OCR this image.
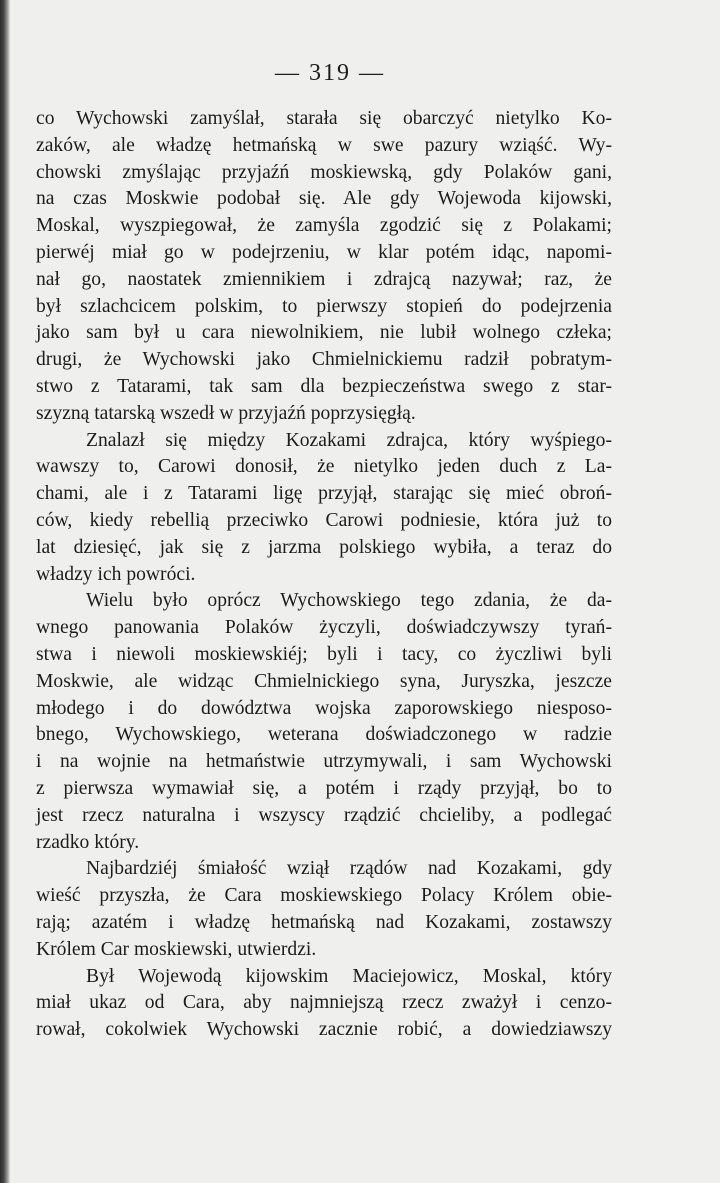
— 319 —
co Wychowski zamyślał, starała się obarczyć nietylko Ko-
zaków, ale władzę hetmańską w swe pazury wziąść. Wy-
chowski zmyślając przyjaźń moskiewską, gdy Polaków gani,
na czas Moskwie podobał się. Ale gdy Wojewoda kijowski,
Moskal, wyszpiegował, że zamyśla zgodzić się z Polakami;
pierwéj miał go w podejrzeniu, w klar potém idąc, napomi-
nał go, naostatek zmiennikiem i zdrajcą nazywał; raz, że
był szlachcicem polskim, to pierwszy stopień do podejrzenia
jako sam był u cara niewolnikiem, nie lubił wolnego człeka;
drugi, że Wychowski jako Chmielnickiemu radził pobratym-
stwo z Tatarami, tak sam dla bezpieczeństwa swego z star-
szyzną tatarską wszedł w przyjaźń poprzysięgłą.
Znalazł się między Kozakami zdrajca, który wyśpiego-
wawszy to, Carowi donosił, że nietylko jeden duch z La-
chami, ale i z Tatarami ligę przyjął, starając się mieć obroń-
ców, kiedy rebellią przeciwko Carowi podniesie, która już to
lat dziesięć, jak się z jarzma polskiego wybiła, a teraz do
władzy ich powróci.
Wielu było oprócz Wychowskiego tego zdania, że da-
wnego panowania Polaków życzyli, doświadczywszy tyrań-
stwa i niewoli moskiewskiéj; byli i tacy, co życzliwi byli
Moskwie, ale widząc Chmielnickiego syna, Juryszka, jeszcze
młodego i do dowództwa wojska zaporowskiego niesposo-
bnego, Wychowskiego, weterana doświadczonego w radzie
i na wojnie na hetmaństwie utrzymywali, i sam Wychowski
z pierwsza wymawiał się, a potém i rządy przyjął, bo to
jest rzecz naturalna i wszyscy rządzić chcieliby, a podlegać
rzadko który.
Najbardziéj śmiałość wziął rządów nad Kozakami, gdy
wieść przyszła, że Cara moskiewskiego Polacy Królem obie-
rają; azatém i władzę hetmańską nad Kozakami, zostawszy
Królem Car moskiewski, utwierdzi.
Był Wojewodą kijowskim Maciejowicz, Moskal, który
miał ukaz od Cara, aby najmniejszą rzecz zważył i cenzo-
rował, cokolwiek Wychowski zacznie robić, a dowiedziawszy
